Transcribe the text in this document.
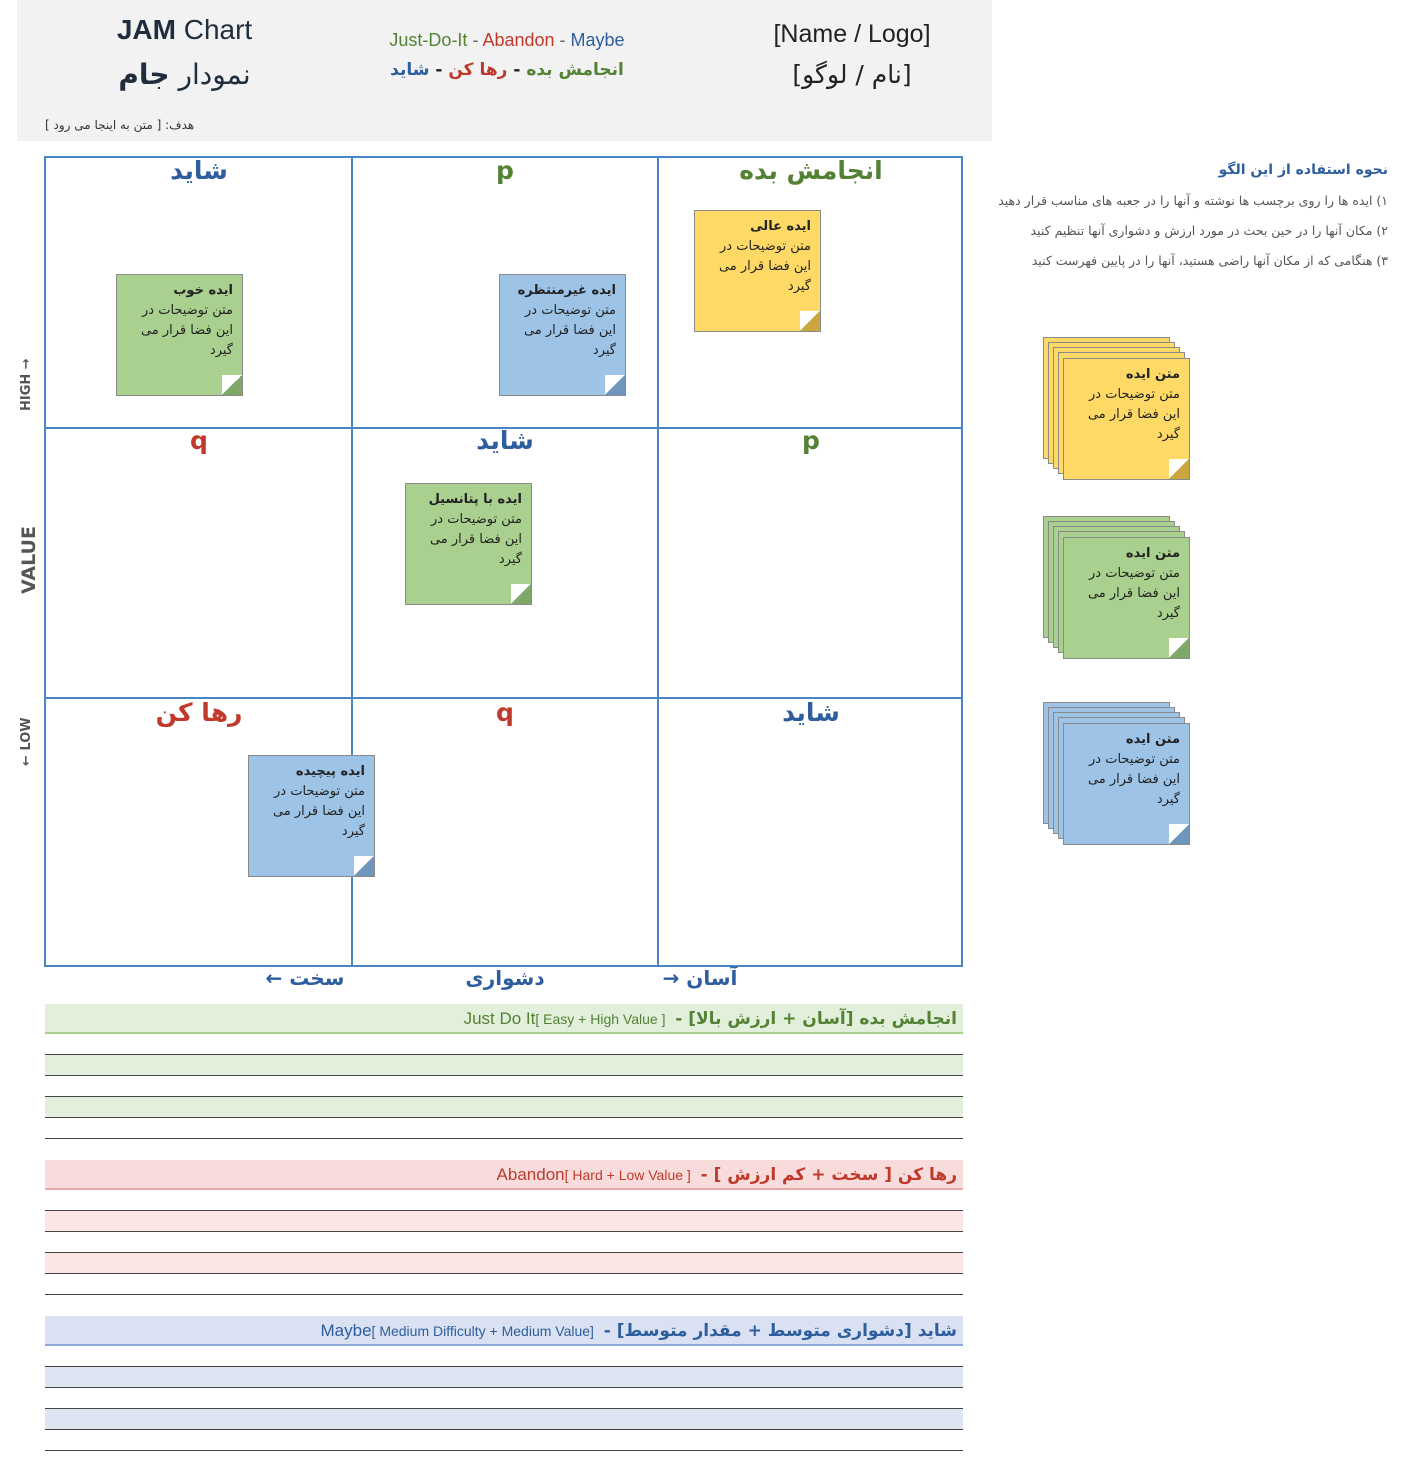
JAM Chart
نمودار جام
Just-Do-It - Abandon - Maybe
انجامش بده - رها کن - شاید
[Name / Logo]
[نام / لوگو]
هدف: [ متن به اینجا می رود ]
شاید	p	انجامش بده
q	شاید	p
رها کن	q	شاید
HIGH →
VALUE
← LOW
سخت ←	دشواری	آسان →
ایده عالی
متن توضیحات در این فضا قرار می گیرد
ایده خوب
متن توضیحات در این فضا قرار می گیرد
ایده غیرمنتظره
متن توضیحات در این فضا قرار می گیرد
ایده با پتانسیل
متن توضیحات در این فضا قرار می گیرد
ایده پیچیده
متن توضیحات در این فضا قرار می گیرد
نحوه استفاده از این الگو
۱) ایده ها را روی برچسب ها نوشته و آنها را در جعبه های مناسب قرار دهید
۲) مکان آنها را در حین بحث در مورد ارزش و دشواری آنها تنظیم کنید
۳) هنگامی که از مکان آنها راضی هستید، آنها را در پایین فهرست کنید
متن ایده
متن توضیحات در این فضا قرار می گیرد
متن ایده
متن توضیحات در این فضا قرار می گیرد
متن ایده
متن توضیحات در این فضا قرار می گیرد
انجامش بده [آسان + ارزش بالا] - [ Easy + High Value ] Just Do It
رها کن [ سخت + کم ارزش ] - [ Hard + Low Value ] Abandon
شاید [دشواری متوسط + مقدار متوسط] - [ Medium Difficulty + Medium Value] Maybe
